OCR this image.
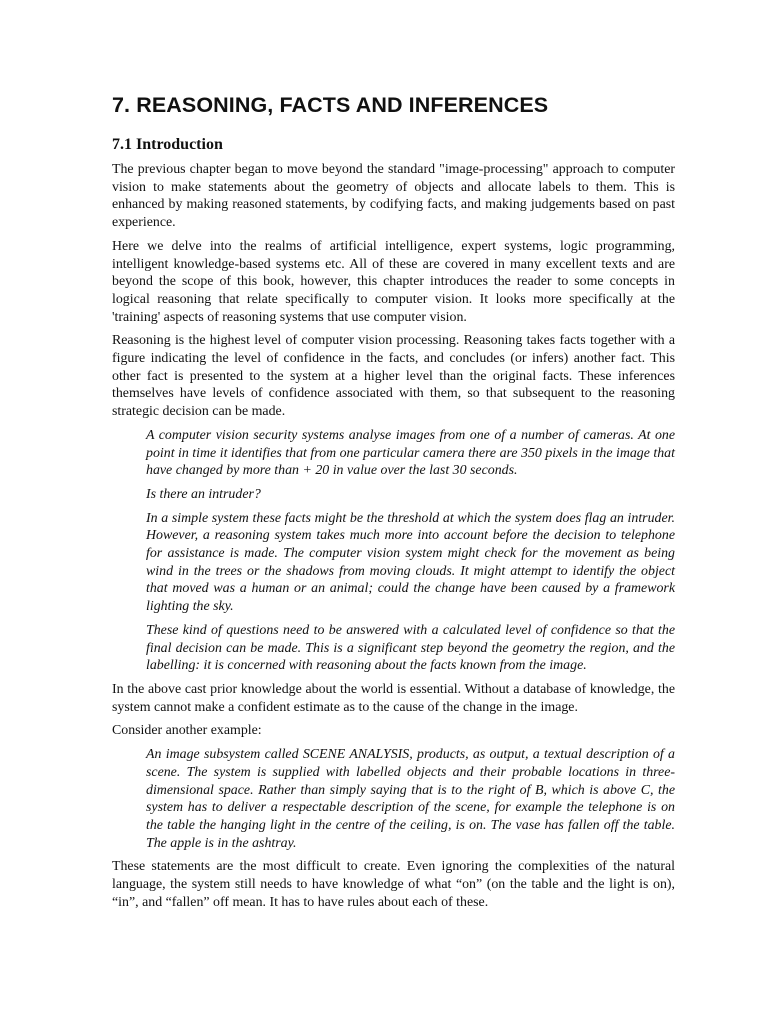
7. REASONING, FACTS AND INFERENCES
7.1 Introduction

The previous chapter began to move beyond the standard "image-processing" approach to computer vision to make statements about the geometry of objects and allocate labels to them. This is enhanced by making reasoned statements, by codifying facts, and making judgements based on past experience.

Here we delve into the realms of artificial intelligence, expert systems, logic programming, intelligent knowledge-based systems etc. All of these are covered in many excellent texts and are beyond the scope of this book, however, this chapter introduces the reader to some concepts in logical reasoning that relate specifically to computer vision. It looks more specifically at the 'training' aspects of reasoning systems that use computer vision.

Reasoning is the highest level of computer vision processing. Reasoning takes facts together with a figure indicating the level of confidence in the facts, and concludes (or infers) another fact. This other fact is presented to the system at a higher level than the original facts. These inferences themselves have levels of confidence associated with them, so that subsequent to the reasoning strategic decision can be made.

A computer vision security systems analyse images from one of a number of cameras. At one point in time it identifies that from one particular camera there are 350 pixels in the image that have changed by more than + 20 in value over the last 30 seconds.

Is there an intruder?

In a simple system these facts might be the threshold at which the system does flag an intruder. However, a reasoning system takes much more into account before the decision to telephone for assistance is made. The computer vision system might check for the movement as being wind in the trees or the shadows from moving clouds. It might attempt to identify the object that moved was a human or an animal; could the change have been caused by a framework lighting the sky.

These kind of questions need to be answered with a calculated level of confidence so that the final decision can be made. This is a significant step beyond the geometry the region, and the labelling: it is concerned with reasoning about the facts known from the image.

In the above cast prior knowledge about the world is essential. Without a database of knowledge, the system cannot make a confident estimate as to the cause of the change in the image.

Consider another example:

An image subsystem called SCENE ANALYSIS, products, as output, a textual description of a scene. The system is supplied with labelled objects and their probable locations in three-dimensional space. Rather than simply saying that is to the right of B, which is above C, the system has to deliver a respectable description of the scene, for example the telephone is on the table the hanging light in the centre of the ceiling, is on. The vase has fallen off the table. The apple is in the ashtray.

These statements are the most difficult to create. Even ignoring the complexities of the natural language, the system still needs to have knowledge of what “on” (on the table and the light is on), “in”, and “fallen” off mean. It has to have rules about each of these.
